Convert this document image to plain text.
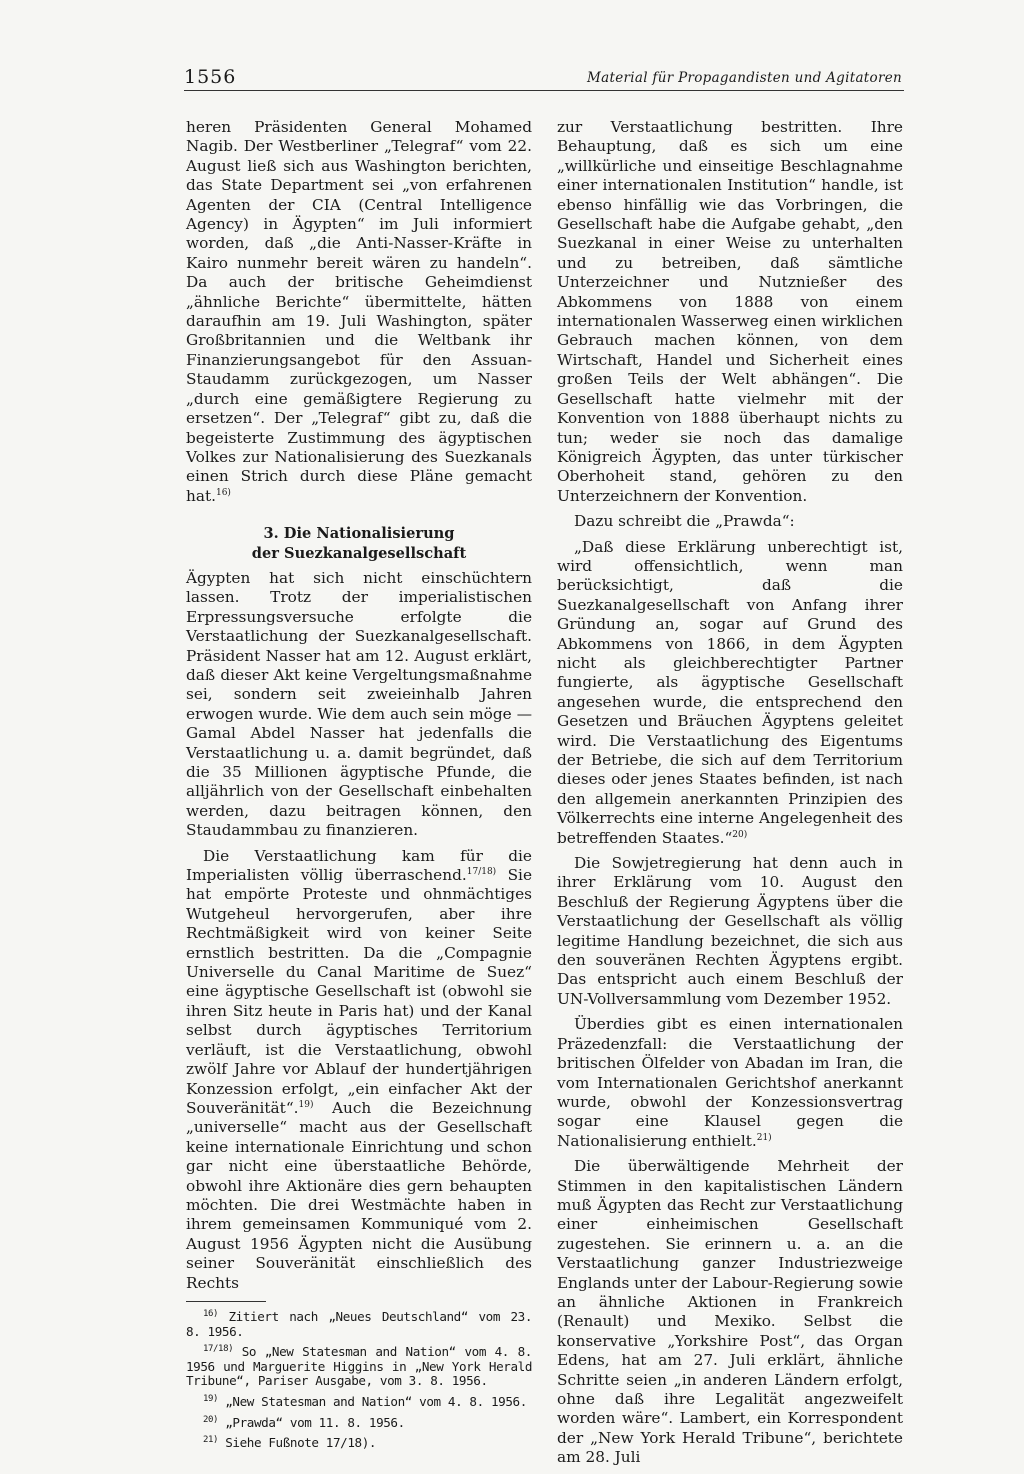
1556	Material für Propagandisten und Agitatoren

heren Präsidenten General Mohamed Nagib. Der Westberliner „Telegraf“ vom 22. August ließ sich aus Washington berichten, das State Department sei „von erfahrenen Agenten der CIA (Central Intelligence Agency) in Ägypten“ im Juli informiert worden, daß „die Anti-Nasser-Kräfte in Kairo nunmehr bereit wären zu handeln“. Da auch der britische Geheimdienst „ähnliche Berichte“ übermittelte, hätten daraufhin am 19. Juli Washington, später Großbritannien und die Weltbank ihr Finanzierungsangebot für den Assuan-Staudamm zurückgezogen, um Nasser „durch eine gemäßigtere Regierung zu ersetzen“. Der „Telegraf“ gibt zu, daß die begeisterte Zustimmung des ägyptischen Volkes zur Nationalisierung des Suezkanals einen Strich durch diese Pläne gemacht hat.$^{16)}$

3. Die Nationalisierung
der Suezkanalgesellschaft

Ägypten hat sich nicht einschüchtern lassen. Trotz der imperialistischen Erpressungsversuche erfolgte die Verstaatlichung der Suezkanalgesellschaft. Präsident Nasser hat am 12. August erklärt, daß dieser Akt keine Vergeltungsmaßnahme sei, sondern seit zweieinhalb Jahren erwogen wurde. Wie dem auch sein möge — Gamal Abdel Nasser hat jedenfalls die Verstaatlichung u. a. damit begründet, daß die 35 Millionen ägyptische Pfunde, die alljährlich von der Gesellschaft einbehalten werden, dazu beitragen können, den Staudammbau zu finanzieren.

Die Verstaatlichung kam für die Imperialisten völlig überraschend.$^{17/18)}$ Sie hat empörte Proteste und ohnmächtiges Wutgeheul hervorgerufen, aber ihre Rechtmäßigkeit wird von keiner Seite ernstlich bestritten. Da die „Compagnie Universelle du Canal Maritime de Suez“ eine ägyptische Gesellschaft ist (obwohl sie ihren Sitz heute in Paris hat) und der Kanal selbst durch ägyptisches Territorium verläuft, ist die Verstaatlichung, obwohl zwölf Jahre vor Ablauf der hundertjährigen Konzession erfolgt, „ein einfacher Akt der Souveränität“.$^{19)}$ Auch die Bezeichnung „universelle“ macht aus der Gesellschaft keine internationale Einrichtung und schon gar nicht eine überstaatliche Behörde, obwohl ihre Aktionäre dies gern behaupten möchten. Die drei Westmächte haben in ihrem gemeinsamen Kommuniqué vom 2. August 1956 Ägypten nicht die Ausübung seiner Souveränität einschließlich des Rechts

$^{16)}$ Zitiert nach „Neues Deutschland“ vom 23. 8. 1956.

$^{17/18)}$ So „New Statesman and Nation“ vom 4. 8. 1956 und Marguerite Higgins in „New York Herald Tribune“, Pariser Ausgabe, vom 3. 8. 1956.

$^{19)}$ „New Statesman and Nation“ vom 4. 8. 1956.

$^{20)}$ „Prawda“ vom 11. 8. 1956.

$^{21)}$ Siehe Fußnote 17/18).

zur Verstaatlichung bestritten. Ihre Behauptung, daß es sich um eine „willkürliche und einseitige Beschlagnahme einer internationalen Institution“ handle, ist ebenso hinfällig wie das Vorbringen, die Gesellschaft habe die Aufgabe gehabt, „den Suezkanal in einer Weise zu unterhalten und zu betreiben, daß sämtliche Unterzeichner und Nutznießer des Abkommens von 1888 von einem internationalen Wasserweg einen wirklichen Gebrauch machen können, von dem Wirtschaft, Handel und Sicherheit eines großen Teils der Welt abhängen“. Die Gesellschaft hatte vielmehr mit der Konvention von 1888 überhaupt nichts zu tun; weder sie noch das damalige Königreich Ägypten, das unter türkischer Oberhoheit stand, gehören zu den Unterzeichnern der Konvention.

Dazu schreibt die „Prawda“:

„Daß diese Erklärung unberechtigt ist, wird offensichtlich, wenn man berücksichtigt, daß die Suezkanalgesellschaft von Anfang ihrer Gründung an, sogar auf Grund des Abkommens von 1866, in dem Ägypten nicht als gleichberechtigter Partner fungierte, als ägyptische Gesellschaft angesehen wurde, die entsprechend den Gesetzen und Bräuchen Ägyptens geleitet wird. Die Verstaatlichung des Eigentums der Betriebe, die sich auf dem Territorium dieses oder jenes Staates befinden, ist nach den allgemein anerkannten Prinzipien des Völkerrechts eine interne Angelegenheit des betreffenden Staates.“$^{20)}$

Die Sowjetregierung hat denn auch in ihrer Erklärung vom 10. August den Beschluß der Regierung Ägyptens über die Verstaatlichung der Gesellschaft als völlig legitime Handlung bezeichnet, die sich aus den souveränen Rechten Ägyptens ergibt. Das entspricht auch einem Beschluß der UN-Vollversammlung vom Dezember 1952.

Überdies gibt es einen internationalen Präzedenzfall: die Verstaatlichung der britischen Ölfelder von Abadan im Iran, die vom Internationalen Gerichtshof anerkannt wurde, obwohl der Konzessionsvertrag sogar eine Klausel gegen die Nationalisierung enthielt.$^{21)}$

Die überwältigende Mehrheit der Stimmen in den kapitalistischen Ländern muß Ägypten das Recht zur Verstaatlichung einer einheimischen Gesellschaft zugestehen. Sie erinnern u. a. an die Verstaatlichung ganzer Industriezweige Englands unter der Labour-Regierung sowie an ähnliche Aktionen in Frankreich (Renault) und Mexiko. Selbst die konservative „Yorkshire Post“, das Organ Edens, hat am 27. Juli erklärt, ähnliche Schritte seien „in anderen Ländern erfolgt, ohne daß ihre Legalität angezweifelt worden wäre“. Lambert, ein Korrespondent der „New York Herald Tribune“, berichtete am 28. Juli
